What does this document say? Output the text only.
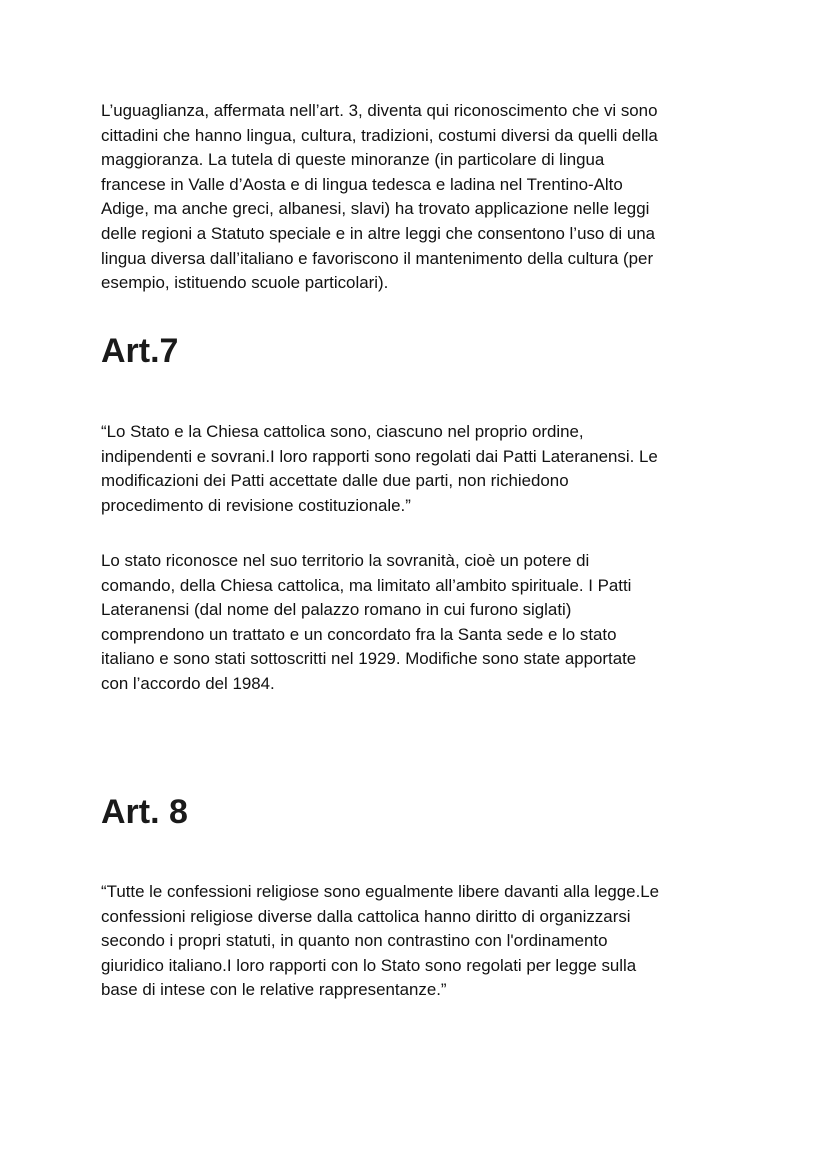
L’uguaglianza, affermata nell’art. 3, diventa qui riconoscimento che vi sono
cittadini che hanno lingua, cultura, tradizioni, costumi diversi da quelli della
maggioranza. La tutela di queste minoranze (in particolare di lingua
francese in Valle d’Aosta e di lingua tedesca e ladina nel Trentino-Alto
Adige, ma anche greci, albanesi, slavi) ha trovato applicazione nelle leggi
delle regioni a Statuto speciale e in altre leggi che consentono l’uso di una
lingua diversa dall’italiano e favoriscono il mantenimento della cultura (per
esempio, istituendo scuole particolari).

Art.7

“Lo Stato e la Chiesa cattolica sono, ciascuno nel proprio ordine,
indipendenti e sovrani.I loro rapporti sono regolati dai Patti Lateranensi. Le
modificazioni dei Patti accettate dalle due parti, non richiedono
procedimento di revisione costituzionale.”

Lo stato riconosce nel suo territorio la sovranità, cioè un potere di
comando, della Chiesa cattolica, ma limitato all’ambito spirituale. I Patti
Lateranensi (dal nome del palazzo romano in cui furono siglati)
comprendono un trattato e un concordato fra la Santa sede e lo stato
italiano e sono stati sottoscritti nel 1929. Modifiche sono state apportate
con l’accordo del 1984.

Art. 8

“Tutte le confessioni religiose sono egualmente libere davanti alla legge.Le
confessioni religiose diverse dalla cattolica hanno diritto di organizzarsi
secondo i propri statuti, in quanto non contrastino con l'ordinamento
giuridico italiano.I loro rapporti con lo Stato sono regolati per legge sulla
base di intese con le relative rappresentanze.”
